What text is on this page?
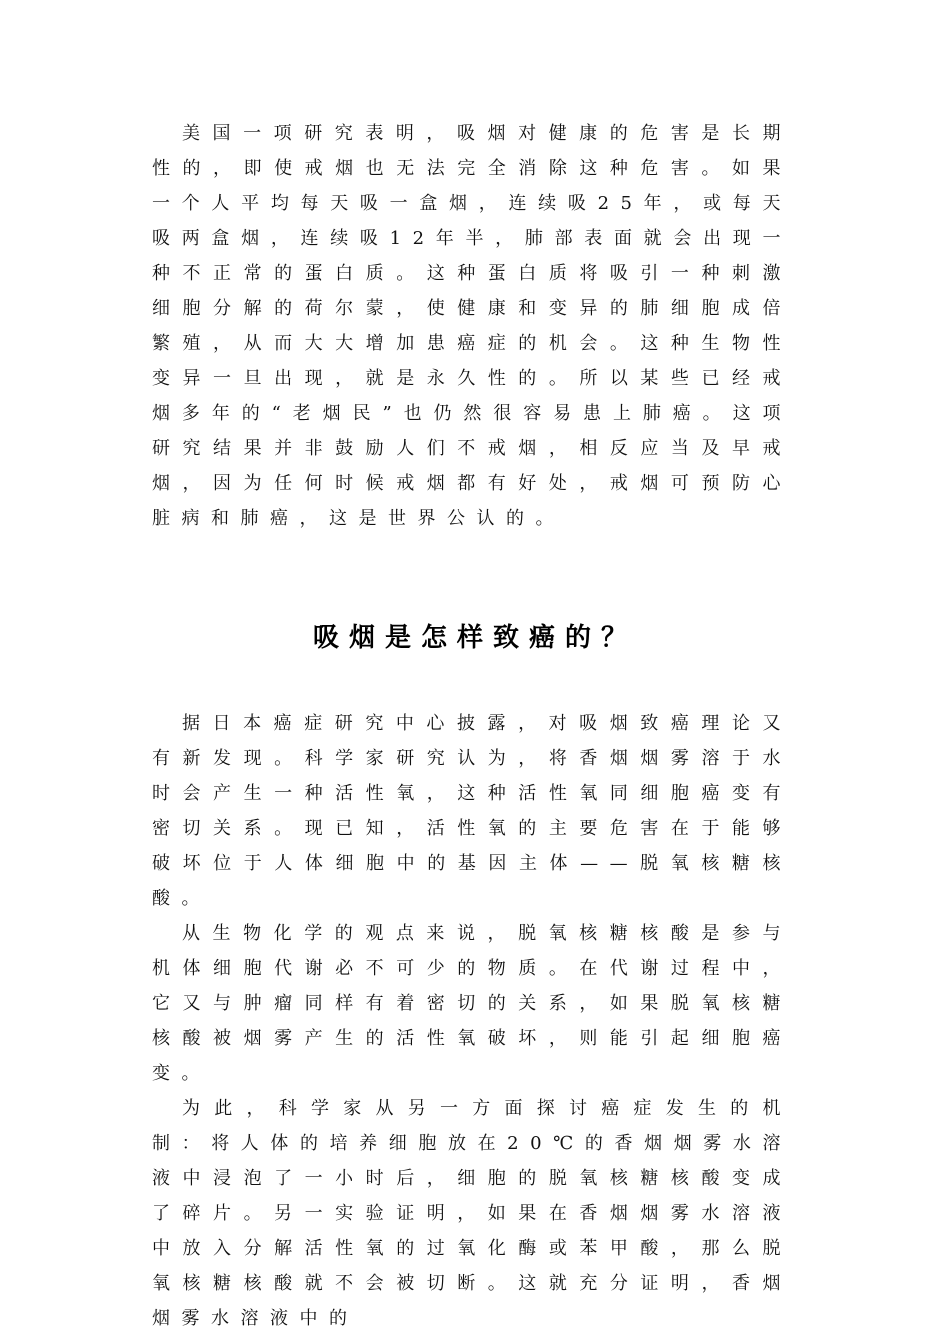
美国一项研究表明，吸烟对健康的危害是长期性的，即使戒烟也无法完全消除这种危害。如果一个人平均每天吸一盒烟，连续吸25年，或每天吸两盒烟，连续吸12年半，肺部表面就会出现一种不正常的蛋白质。这种蛋白质将吸引一种刺激细胞分解的荷尔蒙，使健康和变异的肺细胞成倍繁殖，从而大大增加患癌症的机会。这种生物性变异一旦出现，就是永久性的。所以某些已经戒烟多年的“老烟民”也仍然很容易患上肺癌。这项研究结果并非鼓励人们不戒烟，相反应当及早戒烟，因为任何时候戒烟都有好处，戒烟可预防心脏病和肺癌，这是世界公认的。

吸烟是怎样致癌的？

据日本癌症研究中心披露，对吸烟致癌理论又有新发现。科学家研究认为，将香烟烟雾溶于水时会产生一种活性氧，这种活性氧同细胞癌变有密切关系。现已知，活性氧的主要危害在于能够破坏位于人体细胞中的基因主体——脱氧核糖核酸。

从生物化学的观点来说，脱氧核糖核酸是参与机体细胞代谢必不可少的物质。在代谢过程中，它又与肿瘤同样有着密切的关系，如果脱氧核糖核酸被烟雾产生的活性氧破坏，则能引起细胞癌变。

为此，科学家从另一方面探讨癌症发生的机制：将人体的培养细胞放在20℃的香烟烟雾水溶液中浸泡了一小时后，细胞的脱氧核糖核酸变成了碎片。另一实验证明，如果在香烟烟雾水溶液中放入分解活性氧的过氧化酶或苯甲酸，那么脱氧核糖核酸就不会被切断。这就充分证明，香烟烟雾水溶液中的
